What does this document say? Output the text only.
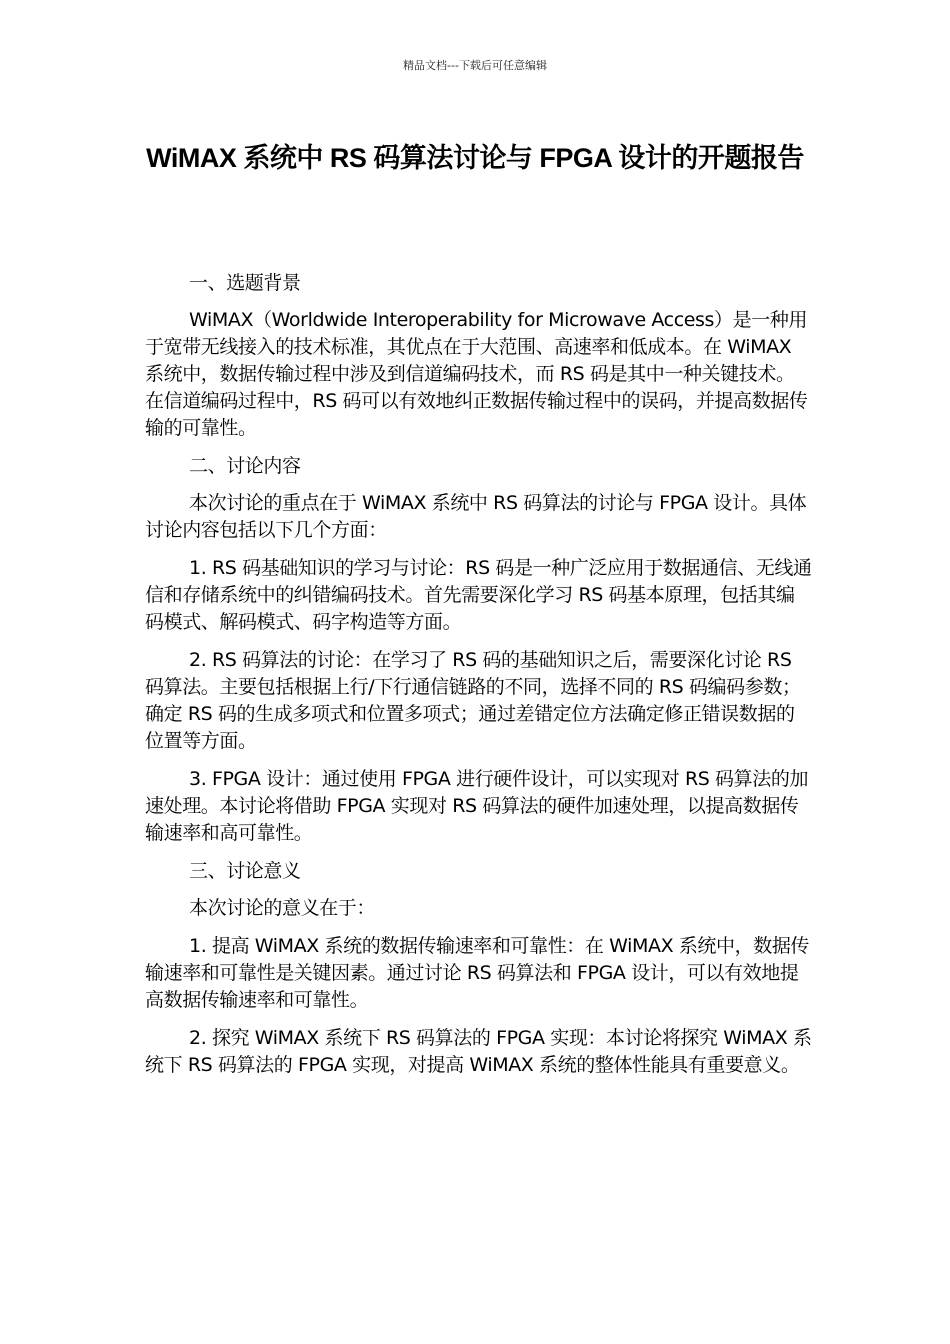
精品文档---下载后可任意编辑
WiMAX 系统中 RS 码算法讨论与 FPGA 设计的开题报告

一、选题背景

WiMAX（Worldwide Interoperability for Microwave Access）是一种用于宽带无线接入的技术标准，其优点在于大范围、高速率和低成本。在 WiMAX 系统中，数据传输过程中涉及到信道编码技术，而 RS 码是其中一种关键技术。在信道编码过程中，RS 码可以有效地纠正数据传输过程中的误码，并提高数据传输的可靠性。

二、讨论内容

本次讨论的重点在于 WiMAX 系统中 RS 码算法的讨论与 FPGA 设计。具体讨论内容包括以下几个方面：

1. RS 码基础知识的学习与讨论：RS 码是一种广泛应用于数据通信、无线通信和存储系统中的纠错编码技术。首先需要深化学习 RS 码基本原理，包括其编码模式、解码模式、码字构造等方面。

2. RS 码算法的讨论：在学习了 RS 码的基础知识之后，需要深化讨论 RS 码算法。主要包括根据上行/下行通信链路的不同，选择不同的 RS 码编码参数；确定 RS 码的生成多项式和位置多项式；通过差错定位方法确定修正错误数据的位置等方面。

3. FPGA 设计：通过使用 FPGA 进行硬件设计，可以实现对 RS 码算法的加速处理。本讨论将借助 FPGA 实现对 RS 码算法的硬件加速处理，以提高数据传输速率和高可靠性。

三、讨论意义

本次讨论的意义在于：

1. 提高 WiMAX 系统的数据传输速率和可靠性：在 WiMAX 系统中，数据传输速率和可靠性是关键因素。通过讨论 RS 码算法和 FPGA 设计，可以有效地提高数据传输速率和可靠性。

2. 探究 WiMAX 系统下 RS 码算法的 FPGA 实现：本讨论将探究 WiMAX 系统下 RS 码算法的 FPGA 实现，对提高 WiMAX 系统的整体性能具有重要意义。
